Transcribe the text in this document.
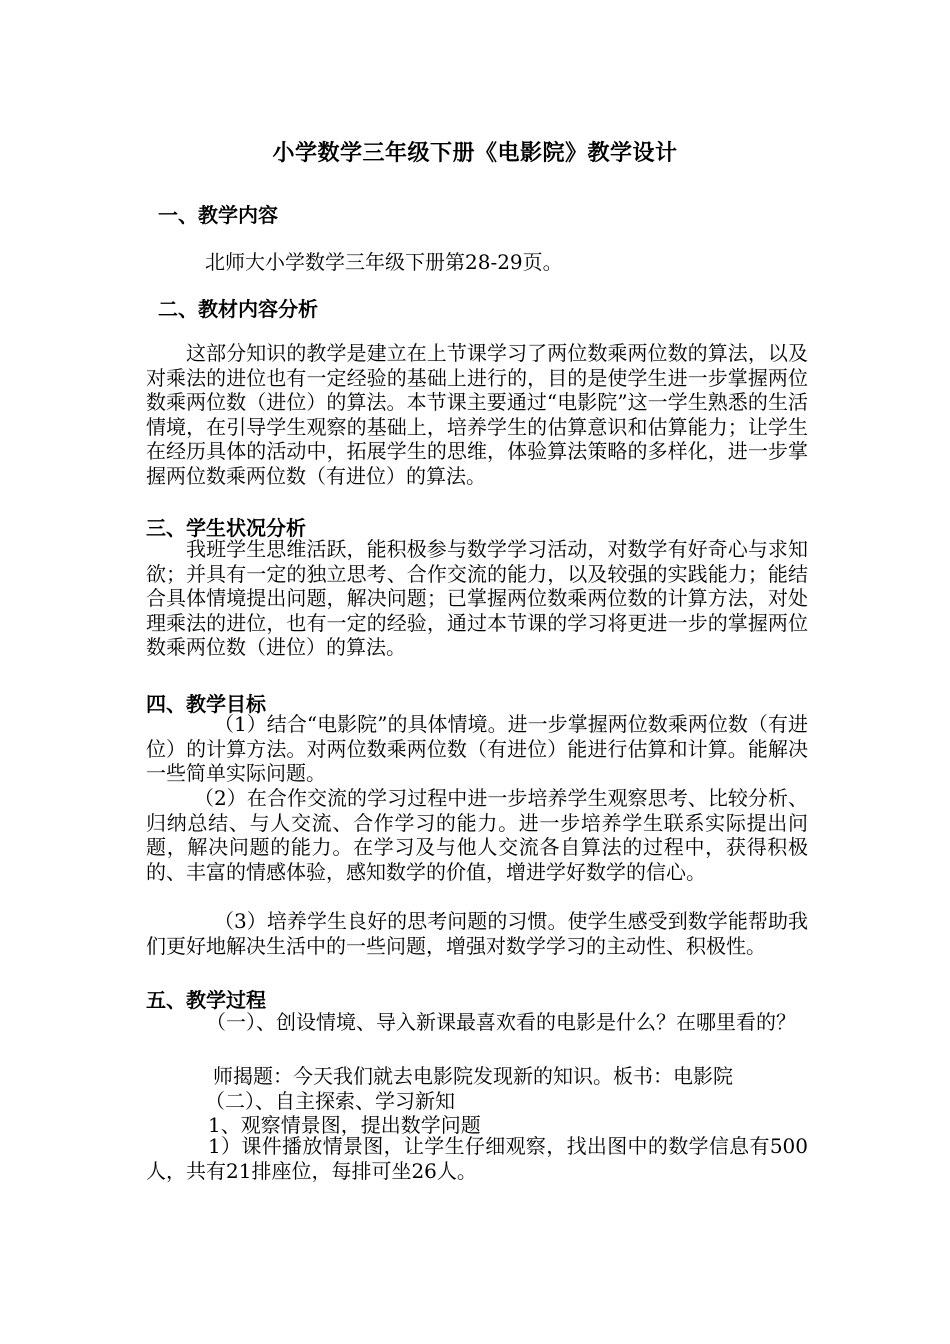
小学数学三年级下册《电影院》教学设计
一、教学内容
北师大小学数学三年级下册第28-29页。
二、教材内容分析

这部分知识的教学是建立在上节课学习了两位数乘两位数的算法，以及对乘法的进位也有一定经验的基础上进行的，目的是使学生进一步掌握两位数乘两位数（进位）的算法。本节课主要通过“电影院”这一学生熟悉的生活情境，在引导学生观察的基础上，培养学生的估算意识和估算能力；让学生在经历具体的活动中，拓展学生的思维，体验算法策略的多样化，进一步掌握两位数乘两位数（有进位）的算法。

三、学生状况分析

我班学生思维活跃，能积极参与数学学习活动，对数学有好奇心与求知欲；并具有一定的独立思考、合作交流的能力，以及较强的实践能力；能结合具体情境提出问题，解决问题；已掌握两位数乘两位数的计算方法，对处理乘法的进位，也有一定的经验，通过本节课的学习将更进一步的掌握两位数乘两位数（进位）的算法。

四、教学目标

（1）结合“电影院”的具体情境。进一步掌握两位数乘两位数（有进位）的计算方法。对两位数乘两位数（有进位）能进行估算和计算。能解决一些简单实际问题。

（2）在合作交流的学习过程中进一步培养学生观察思考、比较分析、归纳总结、与人交流、合作学习的能力。进一步培养学生联系实际提出问题，解决问题的能力。在学习及与他人交流各自算法的过程中，获得积极的、丰富的情感体验，感知数学的价值，增进学好数学的信心。

（3）培养学生良好的思考问题的习惯。使学生感受到数学能帮助我们更好地解决生活中的一些问题，增强对数学学习的主动性、积极性。

五、教学过程

（一）、创设情境、导入新课最喜欢看的电影是什么？在哪里看的？

师揭题：今天我们就去电影院发现新的知识。板书：电影院
（二）、自主探索、学习新知
1、观察情景图，提出数学问题

1）课件播放情景图，让学生仔细观察，找出图中的数学信息有500人，共有21排座位，每排可坐26人。
